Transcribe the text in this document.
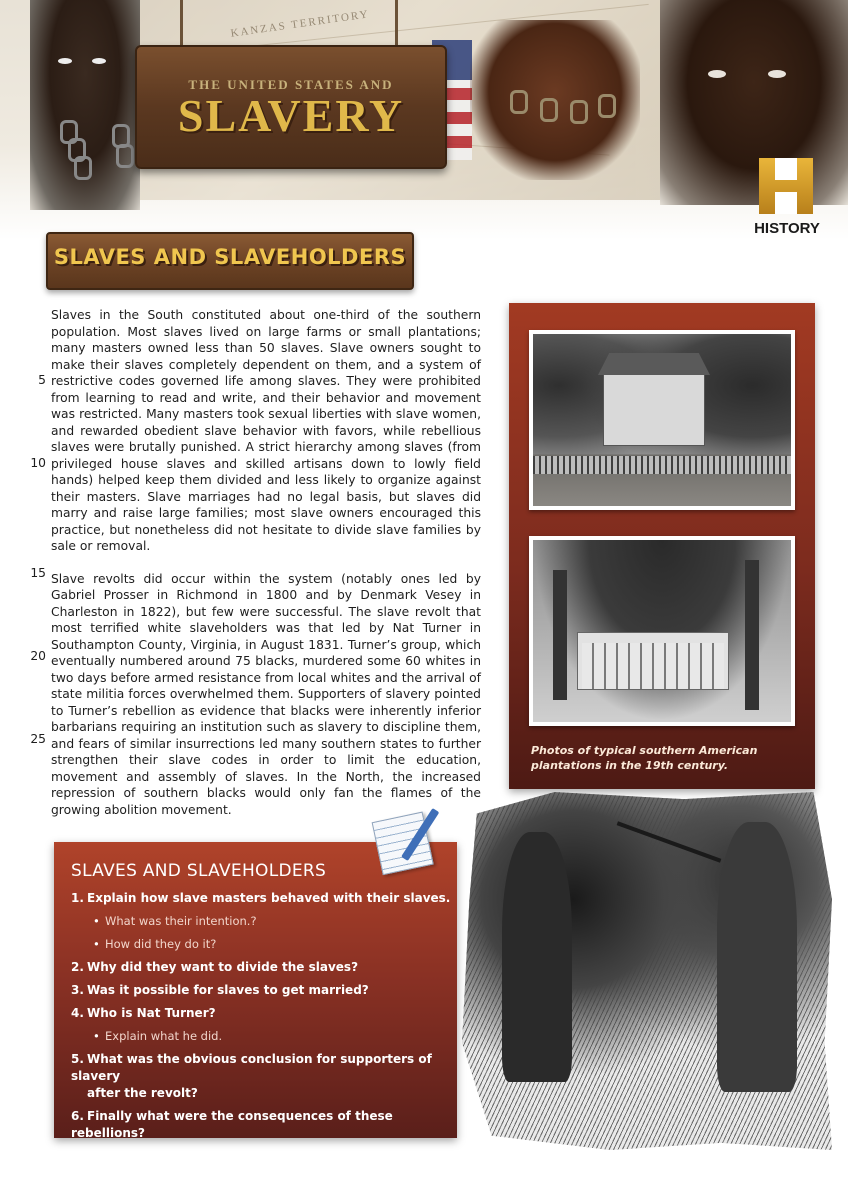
KANZAS TERRITORY
THE UNITED STATES AND
SLAVERY
HISTORY
SLAVES AND SLAVEHOLDERS
5
10
15
20
25

Slaves in the South constituted about one-third of the southern population. Most slaves lived on large farms or small plantations; many masters owned less than 50 slaves. Slave owners sought to make their slaves completely dependent on them, and a system of restrictive codes governed life among slaves. They were prohibited from learning to read and write, and their behavior and movement was restricted. Many masters took sexual liberties with slave women, and rewarded obedient slave behavior with favors, while rebellious slaves were brutally punished. A strict hierarchy among slaves (from privileged house slaves and skilled artisans down to lowly field hands) helped keep them divided and less likely to organize against their masters. Slave marriages had no legal basis, but slaves did marry and raise large families; most slave owners encouraged this practice, but nonetheless did not hesitate to divide slave families by sale or removal.

Slave revolts did occur within the system (notably ones led by Gabriel Prosser in Richmond in 1800 and by Denmark Vesey in Charleston in 1822), but few were successful. The slave revolt that most terrified white slaveholders was that led by Nat Turner in Southampton County, Virginia, in August 1831. Turner’s group, which eventually numbered around 75 blacks, murdered some 60 whites in two days before armed resistance from local whites and the arrival of state militia forces overwhelmed them. Supporters of slavery pointed to Turner’s rebellion as evidence that blacks were inherently inferior barbarians requiring an institution such as slavery to discipline them, and fears of similar insurrections led many southern states to further strengthen their slave codes in order to limit the education, movement and assembly of slaves. In the North, the increased repression of southern blacks would only fan the flames of the growing abolition movement.

Photos of typical southern American plantations in the 19th century.
SLAVES AND SLAVEHOLDERS
1. Explain how slave masters behaved with their slaves.
• What was their intention.?
• How did they do it?
2. Why did they want to divide the slaves?
3. Was it possible for slaves to get married?
4. Who is Nat Turner?
• Explain what he did.
5. What was the obvious conclusion for supporters of slavery
after the revolt?
6. Finally what were the consequences of these rebellions?
